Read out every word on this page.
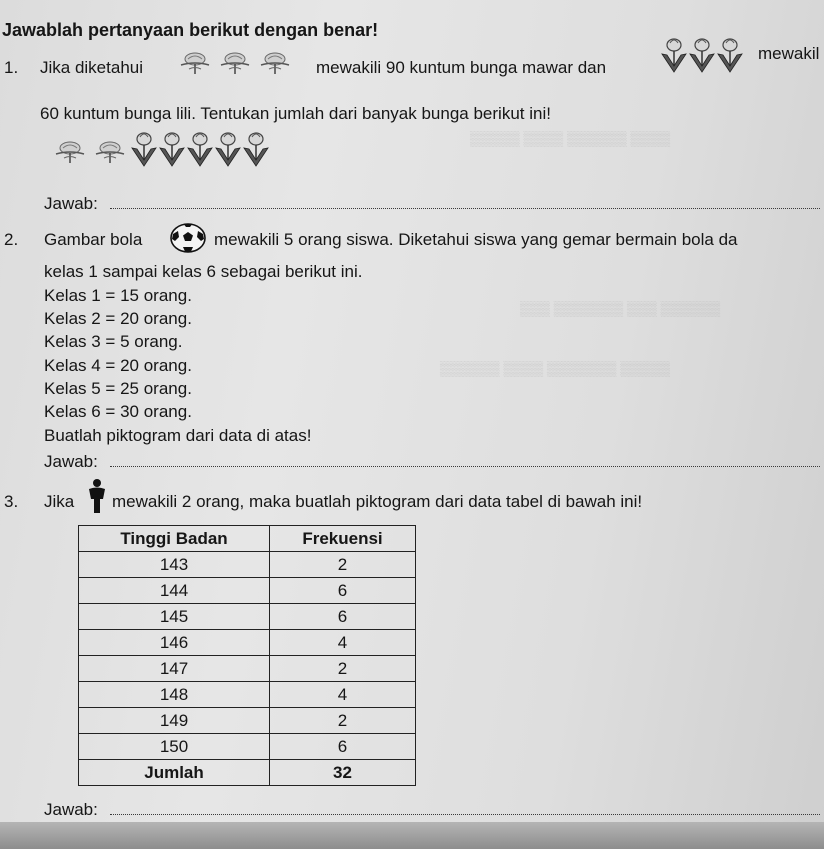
▒▒▒▒ ▒▒▒▒▒▒ ▒▒▒▒ ▒▒▒▒▒
▒▒▒▒▒▒ ▒▒▒ ▒▒▒▒▒▒▒ ▒▒▒
▒▒▒▒▒ ▒▒▒▒▒▒▒ ▒▒▒▒ ▒▒▒▒▒▒
Jawablah pertanyaan berikut dengan benar!
1. Jika diketahui	mewakili 90 kuntum bunga mawar dan
mewakil
60 kuntum bunga lili. Tentukan jumlah dari banyak bunga berikut ini!
Jawab:
2. Gambar bola	mewakili 5 orang siswa. Diketahui siswa yang gemar bermain bola da
kelas 1 sampai kelas 6 sebagai berikut ini.
Kelas 1 = 15 orang.
Kelas 2 = 20 orang.
Kelas 3 = 5 orang.
Kelas 4 = 20 orang.
Kelas 5 = 25 orang.
Kelas 6 = 30 orang.
Buatlah piktogram dari data di atas!
Jawab:
3. Jika mewakili 2 orang, maka buatlah piktogram dari data tabel di bawah ini!
Tinggi Badan	Frekuensi
143	2
144	6
145	6
146	4
147	2
148	4
149	2
150	6
Jumlah	32
Jawab:
